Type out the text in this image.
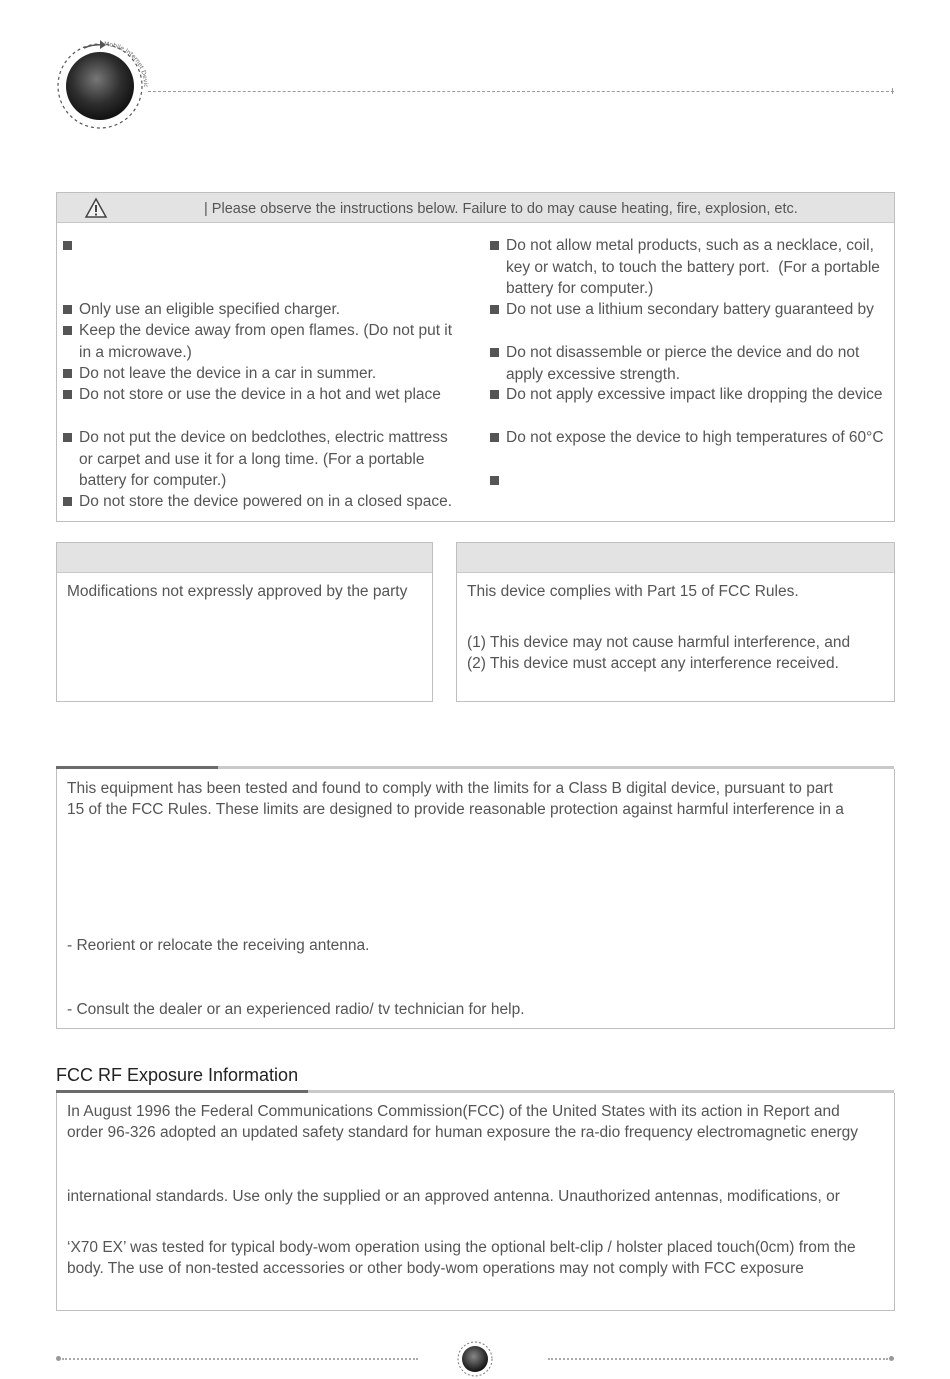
Mobile Internet Devic
| Please observe the instructions below. Failure to do may cause heating, fire, explosion, etc.
Only use an eligible specified charger.
Keep the device away from open flames. (Do not put it
in a microwave.)
Do not leave the device in a car in summer.
Do not store or use the device in a hot and wet place
Do not put the device on bedclothes, electric mattress
or carpet and use it for a long time. (For a portable
battery for computer.)
Do not store the device powered on in a closed space.
Do not allow metal products, such as a necklace, coil,
key or watch, to touch the battery port.  (For a portable
battery for computer.)
Do not use a lithium secondary battery guaranteed by
Do not disassemble or pierce the device and do not
apply excessive strength.
Do not apply excessive impact like dropping the device
Do not expose the device to high temperatures of 60°C
Modifications not expressly approved by the party	This device complies with Part 15 of FCC Rules.
(1) This device may not cause harmful interference, and
(2) This device must accept any interference received.
This equipment has been tested and found to comply with the limits for a Class B digital device, pursuant to part
15 of the FCC Rules. These limits are designed to provide reasonable protection against harmful interference in a
- Reorient or relocate the receiving antenna.
- Consult the dealer or an experienced radio/ tv technician for help.
FCC RF Exposure Information
In August 1996 the Federal Communications Commission(FCC) of the United States with its action in Report and
order 96-326 adopted an updated safety standard for human exposure the ra-dio frequency electromagnetic energy
international standards. Use only the supplied or an approved antenna. Unauthorized antennas, modifications, or
‘X70 EX’ was tested for typical body-wom operation using the optional belt-clip / holster placed touch(0cm) from the
body. The use of non-tested accessories or other body-wom operations may not comply with FCC exposure
